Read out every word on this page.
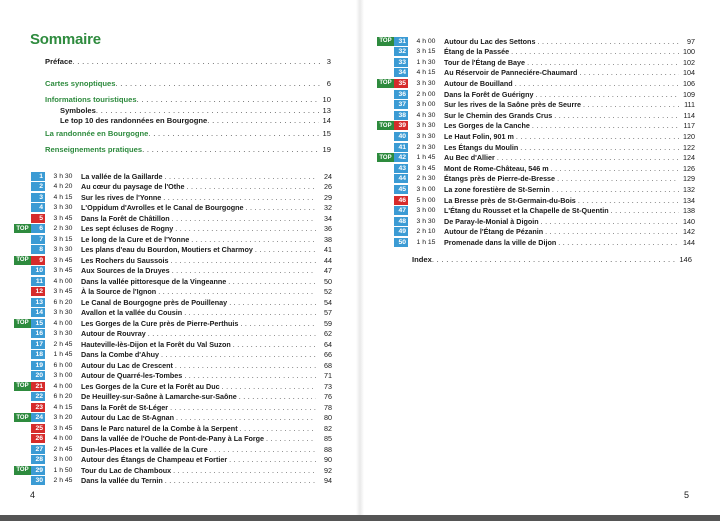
Sommaire
Préface . . .	3
Cartes synoptiques . . .	6
Informations touristiques . . .	10
Symboles . . .	13
Le top 10 des randonnées en Bourgogne . . .	14
La randonnée en Bourgogne . . .	15
Renseignements pratiques . . .	19
1	3 h 30	La vallée de la Gaillarde . . .	24
2	4 h 20	Au cœur du paysage de l'Othe . . .	26
3	4 h 15	Sur les rives de l'Yonne . . .	29
4	3 h 30	L'Oppidum d'Avrolles et le Canal de Bourgogne . . .	32
5	3 h 45	Dans la Forêt de Châtillon . . .	34
TOP	6	2 h 30	Les sept écluses de Rogny . . .	36
7	3 h 15	Le long de la Cure et de l'Yonne . . .	38
8	3 h 30	Les plans d'eau du Bourdon, Moutiers et Charmoy . . .	41
TOP	9	3 h 45	Les Rochers du Saussois . . .	44
10	3 h 45	Aux Sources de la Druyes . . .	47
11	4 h 00	Dans la vallée pittoresque de la Vingeanne . . .	50
12	3 h 45	À la Source de l'Ignon . . .	52
13	6 h 20	Le Canal de Bourgogne près de Pouillenay . . .	54
14	3 h 30	Avallon et la vallée du Cousin . . .	57
TOP	15	4 h 00	Les Gorges de la Cure près de Pierre-Perthuis . . .	59
16	3 h 30	Autour de Rouvray . . .	62
17	2 h 45	Hauteville-lès-Dijon et la Forêt du Val Suzon . . .	64
18	1 h 45	Dans la Combe d'Ahuy . . .	66
19	6 h 00	Autour du Lac de Crescent . . .	68
20	3 h 00	Autour de Quarré-les-Tombes . . .	71
TOP	21	4 h 00	Les Gorges de la Cure et la Forêt au Duc . . .	73
22	6 h 20	De Heuilley-sur-Saône à Lamarche-sur-Saône . . .	76
23	4 h 15	Dans la Forêt de St-Léger . . .	78
TOP	24	3 h 20	Autour du Lac de St-Agnan . . .	80
25	3 h 45	Dans le Parc naturel de la Combe à la Serpent . . .	82
26	4 h 00	Dans la vallée de l'Ouche de Pont-de-Pany à La Forge . . .	85
27	2 h 45	Dun-les-Places et la vallée de la Cure . . .	88
28	3 h 00	Autour des Étangs de Champeau et Fortier . . .	90
TOP	29	1 h 50	Tour du Lac de Chamboux . . .	92
30	2 h 45	Dans la vallée du Ternin . . .	94
4
TOP	31	4 h 00	Autour du Lac des Settons . . .	97
32	3 h 15	Étang de la Passée . . .	100
33	1 h 30	Tour de l'Étang de Baye . . .	102
34	4 h 15	Au Réservoir de Panneciére-Chaumard . . .	104
TOP	35	3 h 30	Autour de Bouilland . . .	106
36	2 h 00	Dans la Forêt de Guérigny . . .	109
37	3 h 00	Sur les rives de la Saône près de Seurre . . .	111
38	4 h 30	Sur le Chemin des Grands Crus . . .	114
TOP	39	3 h 30	Les Gorges de la Canche . . .	117
40	3 h 30	Le Haut Folin, 901 m . . .	120
41	2 h 30	Les Étangs du Moulin . . .	122
TOP	42	1 h 45	Au Bec d'Allier . . .	124
43	3 h 45	Mont de Rome-Château, 546 m . . .	126
44	2 h 30	Étangs près de Pierre-de-Bresse . . .	129
45	3 h 00	La zone forestière de St-Sernin . . .	132
46	5 h 00	La Bresse près de St-Germain-du-Bois . . .	134
47	3 h 00	L'Étang du Rousset et la Chapelle de St-Quentin . . .	138
48	3 h 30	De Paray-le-Monial à Digoin . . .	140
49	2 h 10	Autour de l'Étang de Pézanin . . .	142
50	1 h 15	Promenade dans la ville de Dijon . . .	144
Index . . .	146
5
